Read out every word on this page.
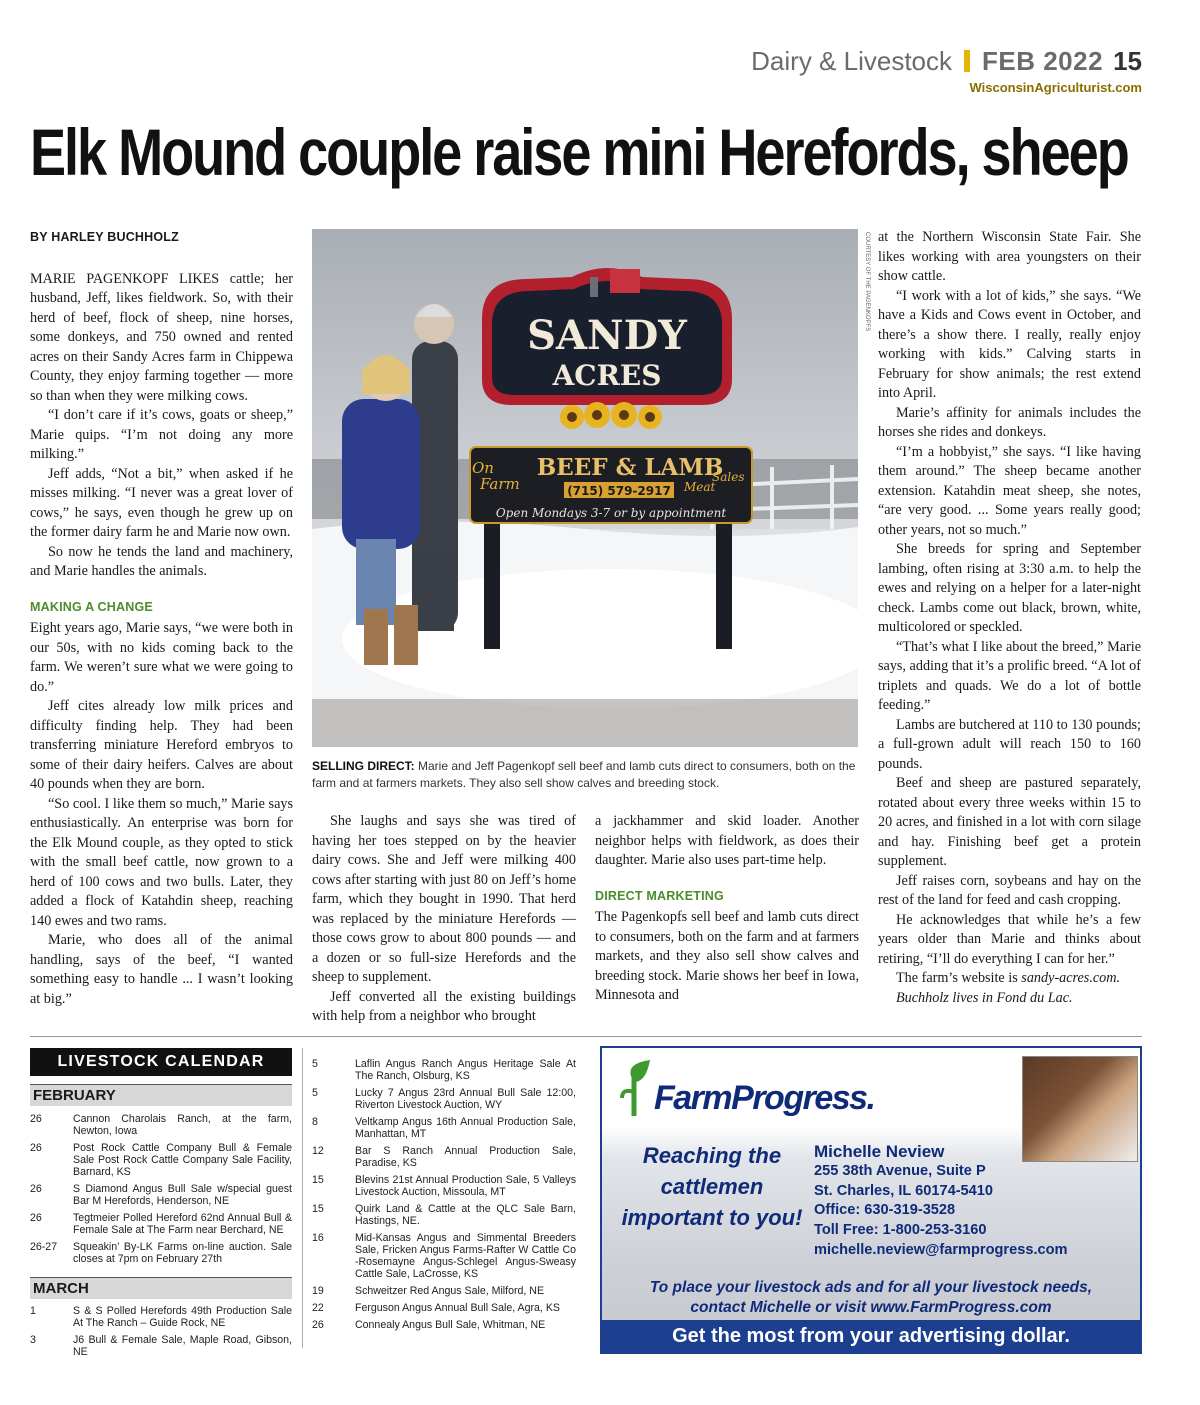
Dairy & Livestock FEB 2022 15
WisconsinAgriculturist.com
Elk Mound couple raise mini Herefords, sheep
BY HARLEY BUCHHOLZ

MARIE PAGENKOPF LIKES cattle; her husband, Jeff, likes fieldwork. So, with their herd of beef, flock of sheep, nine horses, some donkeys, and 750 owned and rented acres on their Sandy Acres farm in Chippewa County, they enjoy farming together — more so than when they were milking cows.

“I don’t care if it’s cows, goats or sheep,” Marie quips. “I’m not doing any more milking.”

Jeff adds, “Not a bit,” when asked if he misses milking. “I never was a great lover of cows,” he says, even though he grew up on the former dairy farm he and Marie now own.

So now he tends the land and machinery, and Marie handles the animals.

MAKING A CHANGE

Eight years ago, Marie says, “we were both in our 50s, with no kids coming back to the farm. We weren’t sure what we were going to do.”

Jeff cites already low milk prices and difficulty finding help. They had been transferring miniature Hereford embryos to some of their dairy heifers. Calves are about 40 pounds when they are born.

“So cool. I like them so much,” Marie says enthusiastically. An enterprise was born for the Elk Mound couple, as they opted to stick with the small beef cattle, now grown to a herd of 100 cows and two bulls. Later, they added a flock of Katahdin sheep, reaching 140 ewes and two rams.

Marie, who does all of the animal handling, says of the beef, “I wanted something easy to handle ... I wasn’t looking at big.”

SANDY
ACRES
On
Farm
BEEF & LAMB
(715) 579-2917 Meat
Sales
Open Mondays 3-7 or by appointment
COURTESY OF THE PAGENKOPFS
SELLING DIRECT: Marie and Jeff Pagenkopf sell beef and lamb cuts direct to consumers, both on the farm and at farmers markets. They also sell show calves and breeding stock.

She laughs and says she was tired of having her toes stepped on by the heavier dairy cows. She and Jeff were milking 400 cows after starting with just 80 on Jeff’s home farm, which they bought in 1990. That herd was replaced by the miniature Herefords — those cows grow to about 800 pounds — and a dozen or so full-size Herefords and the sheep to supplement.

Jeff converted all the existing buildings with help from a neighbor who brought

a jackhammer and skid loader. Another neighbor helps with fieldwork, as does their daughter. Marie also uses part-time help.

DIRECT MARKETING

The Pagenkopfs sell beef and lamb cuts direct to consumers, both on the farm and at farmers markets, and they also sell show calves and breeding stock. Marie shows her beef in Iowa, Minnesota and

at the Northern Wisconsin State Fair. She likes working with area youngsters on their show cattle.

“I work with a lot of kids,” she says. “We have a Kids and Cows event in October, and there’s a show there. I really, really enjoy working with kids.” Calving starts in February for show animals; the rest extend into April.

Marie’s affinity for animals includes the horses she rides and donkeys.

“I’m a hobbyist,” she says. “I like having them around.” The sheep became another extension. Katahdin meat sheep, she notes, “are very good. ... Some years really good; other years, not so much.”

She breeds for spring and September lambing, often rising at 3:30 a.m. to help the ewes and relying on a helper for a later-night check. Lambs come out black, brown, white, multicolored or speckled.

“That’s what I like about the breed,” Marie says, adding that it’s a prolific breed. “A lot of triplets and quads. We do a lot of bottle feeding.”

Lambs are butchered at 110 to 130 pounds; a full-grown adult will reach 150 to 160 pounds.

Beef and sheep are pastured separately, rotated about every three weeks within 15 to 20 acres, and finished in a lot with corn silage and hay. Finishing beef get a protein supplement.

Jeff raises corn, soybeans and hay on the rest of the land for feed and cash cropping.

He acknowledges that while he’s a few years older than Marie and thinks about retiring, “I’ll do everything I can for her.”

The farm’s website is sandy-acres.com.

Buchholz lives in Fond du Lac.

LIVESTOCK CALENDAR
FEBRUARY
26	Cannon Charolais Ranch, at the farm, Newton, Iowa
26	Post Rock Cattle Company Bull & Female Sale Post Rock Cattle Company Sale Facility, Barnard, KS
26	S Diamond Angus Bull Sale w/special guest Bar M Herefords, Henderson, NE
26	Tegtmeier Polled Hereford 62nd Annual Bull & Female Sale at The Farm near Berchard, NE
26-27	Squeakin’ By-LK Farms on-line auction. Sale closes at 7pm on February 27th
MARCH
1	S & S Polled Herefords 49th Production Sale At The Ranch – Guide Rock, NE
3	J6 Bull & Female Sale, Maple Road, Gibson, NE
5	Laflin Angus Ranch Angus Heritage Sale At The Ranch, Olsburg, KS
5	Lucky 7 Angus 23rd Annual Bull Sale 12:00, Riverton Livestock Auction, WY
8	Veltkamp Angus 16th Annual Production Sale, Manhattan, MT
12	Bar S Ranch Annual Production Sale, Paradise, KS
15	Blevins 21st Annual Production Sale, 5 Valleys Livestock Auction, Missoula, MT
15	Quirk Land & Cattle at the QLC Sale Barn, Hastings, NE.
16	Mid-Kansas Angus and Simmental Breeders Sale, Fricken Angus Farms-Rafter W Cattle Co -Rosemayne Angus-Schlegel Angus-Sweasy Cattle Sale, LaCrosse, KS
19	Schweitzer Red Angus Sale, Milford, NE
22	Ferguson Angus Annual Bull Sale, Agra, KS
26	Connealy Angus Bull Sale, Whitman, NE
FarmProgress.
Reaching the cattlemen important to you!
Michelle Neview
255 38th Avenue, Suite P
St. Charles, IL 60174-5410
Office: 630-319-3528
Toll Free: 1-800-253-3160
michelle.neview@farmprogress.com
To place your livestock ads and for all your livestock needs,
contact Michelle or visit www.FarmProgress.com
Get the most from your advertising dollar.
